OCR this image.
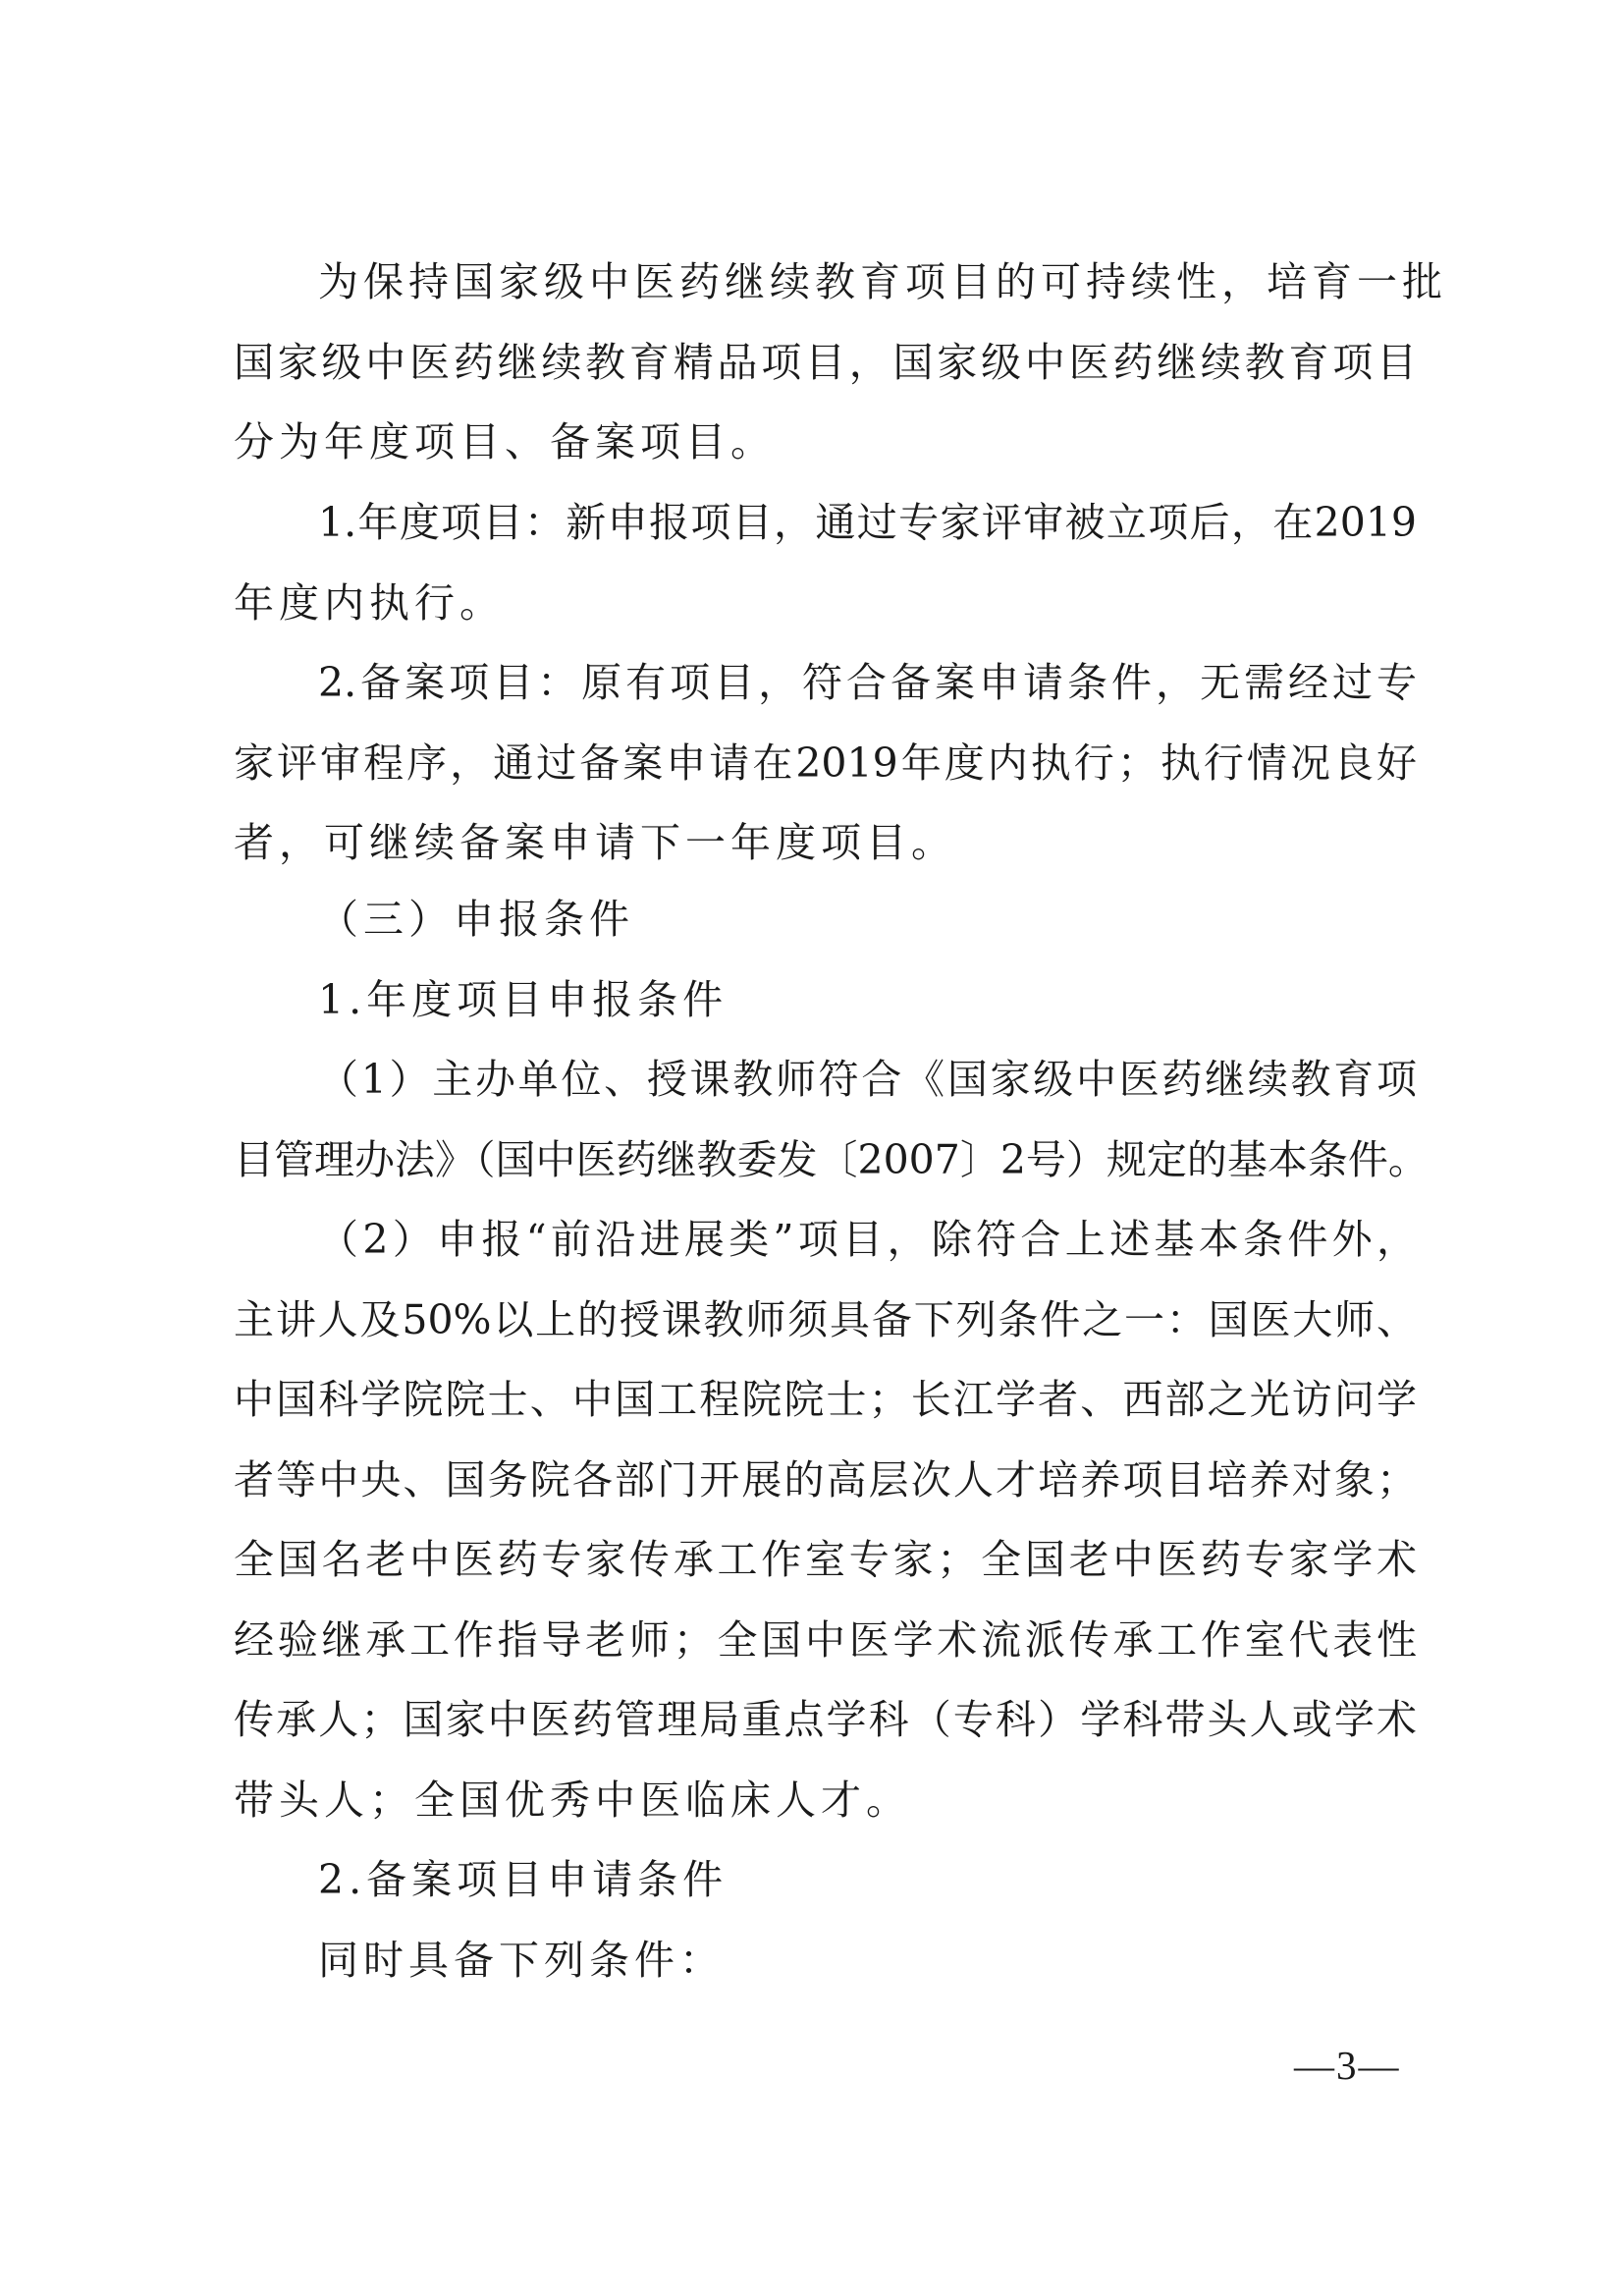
为保持国家级中医药继续教育项目的可持续性，培育一批
国家级中医药继续教育精品项目，国家级中医药继续教育项目
分为年度项目、备案项目。
1.年度项目：新申报项目，通过专家评审被立项后，在2019
年度内执行。
2.备案项目：原有项目，符合备案申请条件，无需经过专
家评审程序，通过备案申请在2019年度内执行；执行情况良好
者，可继续备案申请下一年度项目。
（三）申报条件
1.年度项目申报条件
（1）主办单位、授课教师符合《国家级中医药继续教育项
目管理办法》（国中医药继教委发〔2007〕2号）规定的基本条件。
（2）申报“前沿进展类”项目，除符合上述基本条件外，
主讲人及50%以上的授课教师须具备下列条件之一：国医大师、
中国科学院院士、中国工程院院士；长江学者、西部之光访问学
者等中央、国务院各部门开展的高层次人才培养项目培养对象；
全国名老中医药专家传承工作室专家；全国老中医药专家学术
经验继承工作指导老师；全国中医学术流派传承工作室代表性
传承人；国家中医药管理局重点学科（专科）学科带头人或学术
带头人；全国优秀中医临床人才。
2.备案项目申请条件
同时具备下列条件：
—3—
